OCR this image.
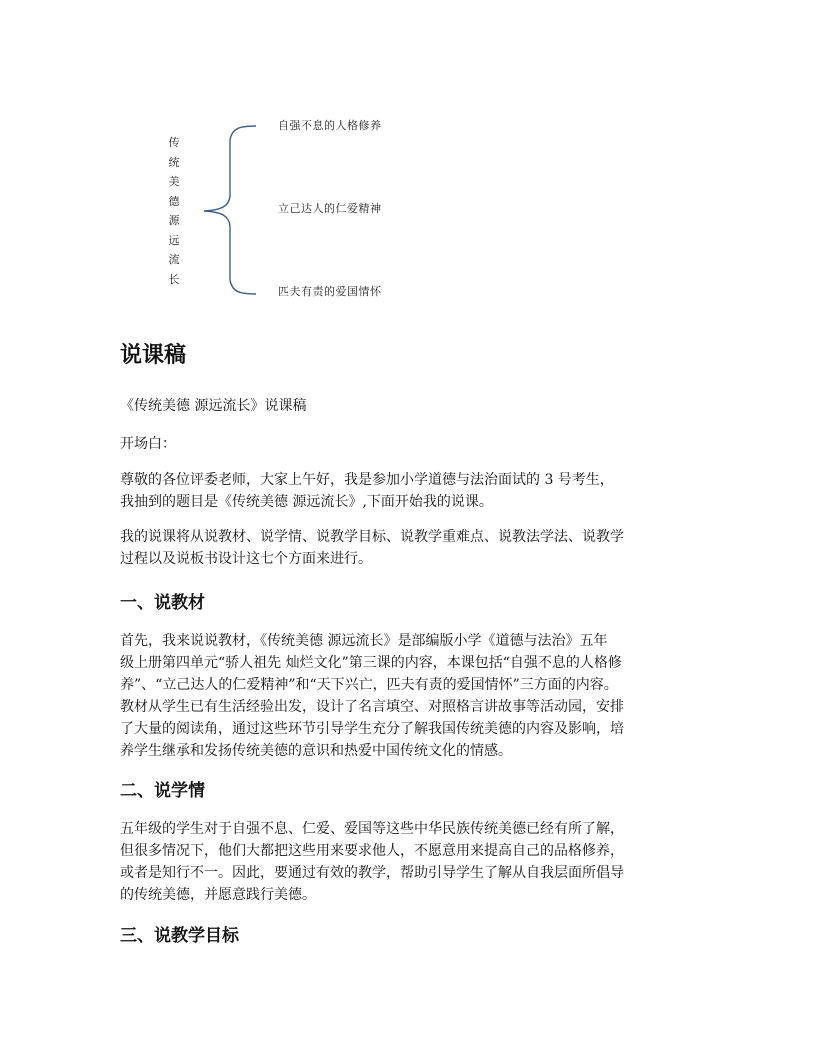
传
统
美
德
源
远
流
长
自强不息的人格修养
立己达人的仁爱精神
匹夫有责的爱国情怀
说课稿

《传统美德 源远流长》说课稿

开场白：

尊敬的各位评委老师，大家上午好，我是参加小学道德与法治面试的 3 号考生，
我抽到的题目是《传统美德 源远流长》,下面开始我的说课。
我的说课将从说教材、说学情、说教学目标、说教学重难点、说教法学法、说教学
过程以及说板书设计这七个方面来进行。
一、说教材
首先，我来说说教材，《传统美德 源远流长》是部编版小学《道德与法治》五年
级上册第四单元“骄人祖先 灿烂文化”第三课的内容，本课包括“自强不息的人格修
养”、“立己达人的仁爱精神”和“天下兴亡，匹夫有责的爱国情怀”三方面的内容。
教材从学生已有生活经验出发，设计了名言填空、对照格言讲故事等活动园，安排
了大量的阅读角，通过这些环节引导学生充分了解我国传统美德的内容及影响，培
养学生继承和发扬传统美德的意识和热爱中国传统文化的情感。
二、说学情
五年级的学生对于自强不息、仁爱、爱国等这些中华民族传统美德已经有所了解，
但很多情况下，他们大都把这些用来要求他人，不愿意用来提高自己的品格修养，
或者是知行不一。因此，要通过有效的教学，帮助引导学生了解从自我层面所倡导
的传统美德，并愿意践行美德。
三、说教学目标
